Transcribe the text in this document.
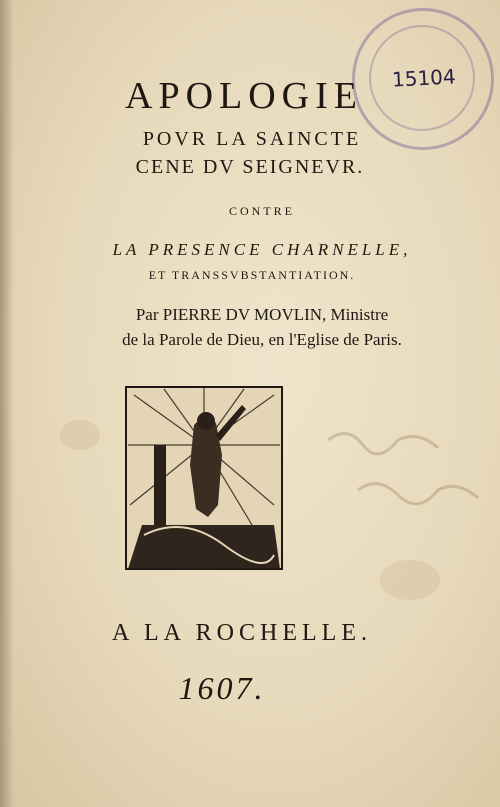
15104
APOLOGIE
POVR LA SAINCTE
CENE DV SEIGNEVR.
CONTRE
LA PRESENCE CHARNELLE,
ET TRANSSVBSTANTIATION.
Par PIERRE DV MOVLIN, Ministre
de la Parole de Dieu, en l'Eglise de Paris.
A LA ROCHELLE.
1607.
